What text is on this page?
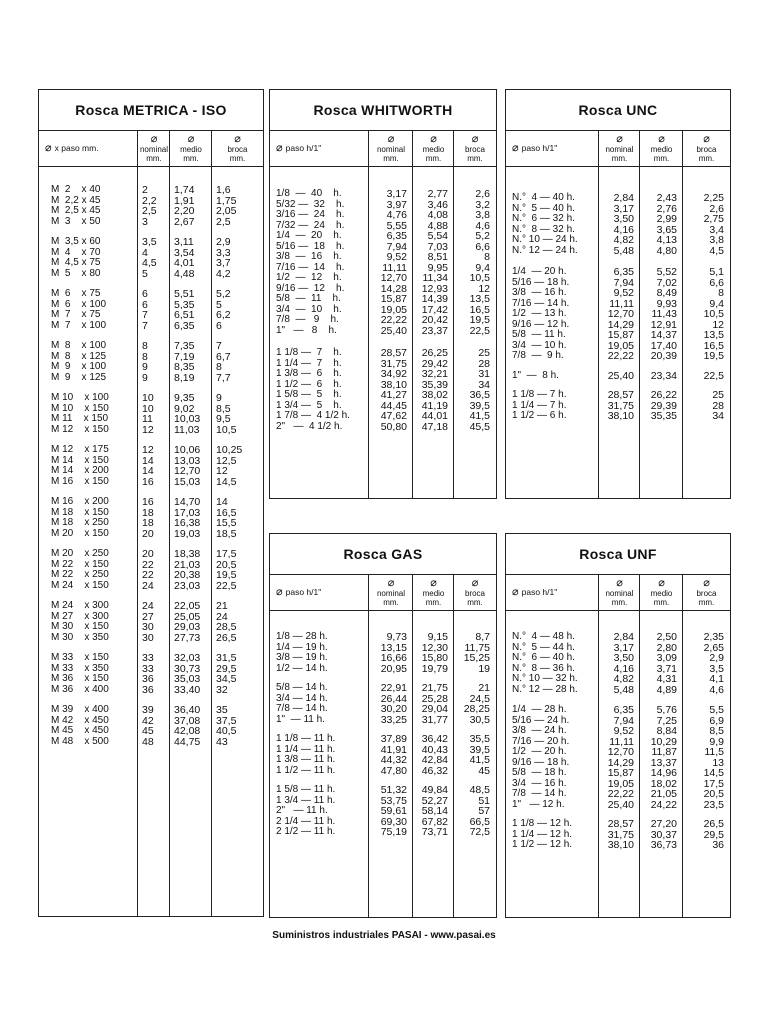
Rosca METRICA - ISO
⌀ x paso mm.
⌀
nominal
mm.
⌀
medio
mm.
⌀
broca
mm.
M  2    x 40	2 1,74 1,6
M  2,2 x 45	2,2 1,91 1,75
M  2,5 x 45	2,5 2,20 2,05
M  3    x 50	3 2,67 2,5
M  3,5 x 60	3,5 3,11 2,9
M  4    x 70	4 3,54 3,3
M  4,5 x 75	4,5 4,01 3,7
M  5    x 80	5 4,48 4,2
M  6    x 75	6 5,51 5,2
M  6    x 100	6 5,35 5
M  7    x 75	7 6,51 6,2
M  7    x 100	7 6,35 6
M  8    x 100	8 7,35 7
M  8    x 125	8 7,19 6,7
M  9    x 100	9 8,35 8
M  9    x 125	9 8,19 7,7
M 10    x 100	10 9,35 9
M 10    x 150	10 9,02 8,5
M 11    x 150	11 10,03 9,5
M 12    x 150	12 11,03 10,5
M 12    x 175	12 10,06 10,25
M 14    x 150	14 13,03 12,5
M 14    x 200	14 12,70 12
M 16    x 150	16 15,03 14,5
M 16    x 200	16 14,70 14
M 18    x 150	18 17,03 16,5
M 18    x 250	18 16,38 15,5
M 20    x 150	20 19,03 18,5
M 20    x 250	20 18,38 17,5
M 22    x 150	22 21,03 20,5
M 22    x 250	22 20,38 19,5
M 24    x 150	24 23,03 22,5
M 24    x 300	24 22,05 21
M 27    x 300	27 25,05 24
M 30    x 150	30 29,03 28,5
M 30    x 350	30 27,73 26,5
M 33    x 150	33 32,03 31,5
M 33    x 350	33 30,73 29,5
M 36    x 150	36 35,03 34,5
M 36    x 400	36 33,40 32
M 39    x 400	39 36,40 35
M 42    x 450	42 37,08 37,5
M 45    x 450	45 42,08 40,5
M 48    x 500	48 44,75 43
Rosca WHITWORTH
⌀ paso h/1"
⌀
nominal
mm.
⌀
medio
mm.
⌀
broca
mm.
1/8  —  40    h.	3,17	2,77	2,6
5/32 —  32    h.	3,97	3,46	3,2
3/16 —  24    h.	4,76	4,08	3,8
7/32 —  24    h.	5,55	4,88	4,6
1/4  —  20    h.	6,35	5,54	5,2
5/16 —  18    h.	7,94	7,03	6,6
3/8  —  16    h.	9,52	8,51	8
7/16 —  14    h.	11,11	9,95	9,4
1/2  —  12    h.	12,70	11,34	10,5
9/16 —  12    h.	14,28	12,93	12
5/8  —  11    h.	15,87	14,39	13,5
3/4  —  10    h.	19,05	17,42	16,5
7/8  —   9    h.	22,22	20,42	19,5
1"   —   8    h.	25,40	23,37	22,5
1 1/8 —  7    h.	28,57	26,25	25
1 1/4 —  7    h.	31,75	29,42	28
1 3/8 —  6    h.	34,92	32,21	31
1 1/2 —  6    h.	38,10	35,39	34
1 5/8 —  5    h.	41,27	38,02	36,5
1 3/4 —  5    h.	44,45	41,19	39,5
1 7/8 —  4 1/2 h.	47,62	44,01	41,5
2"   —  4 1/2 h.	50,80	47,18	45,5
Rosca UNC
⌀ paso h/1"
⌀
nominal
mm.
⌀
medio
mm.
⌀
broca
mm.
N.°  4 — 40 h.	2,84	2,43	2,25
N.°  5 — 40 h.	3,17	2,76	2,6
N.°  6 — 32 h.	3,50	2,99	2,75
N.°  8 — 32 h.	4,16	3,65	3,4
N.° 10 — 24 h.	4,82	4,13	3,8
N.° 12 — 24 h.	5,48	4,80	4,5
1/4  — 20 h.	6,35	5,52	5,1
5/16 — 18 h.	7,94	7,02	6,6
3/8  — 16 h.	9,52	8,49	8
7/16 — 14 h.	11,11	9,93	9,4
1/2  — 13 h.	12,70	11,43	10,5
9/16 — 12 h.	14,29	12,91	12
5/8  — 11 h.	15,87	14,37	13,5
3/4  — 10 h.	19,05	17,40	16,5
7/8  —  9 h.	22,22	20,39	19,5
1"  —  8 h.	25,40	23,34	22,5
1 1/8 — 7 h.	28,57	26,22	25
1 1/4 — 7 h.	31,75	29,39	28
1 1/2 — 6 h.	38,10	35,35	34
Rosca GAS
⌀ paso h/1"
⌀
nominal
mm.
⌀
medio
mm.
⌀
broca
mm.
1/8 — 28 h.	9,73	9,15	8,7
1/4 — 19 h.	13,15	12,30	11,75
3/8 — 19 h.	16,66	15,80	15,25
1/2 — 14 h.	20,95	19,79	19
5/8 — 14 h.	22,91	21,75	21
3/4 — 14 h.	26,44	25,28	24,5
7/8 — 14 h.	30,20	29,04	28,25
1"  — 11 h.	33,25	31,77	30,5
1 1/8 — 11 h.	37,89	36,42	35,5
1 1/4 — 11 h.	41,91	40,43	39,5
1 3/8 — 11 h.	44,32	42,84	41,5
1 1/2 — 11 h.	47,80	46,32	45
1 5/8 — 11 h.	51,32	49,84	48,5
1 3/4 — 11 h.	53,75	52,27	51
2"   — 11 h.	59,61	58,14	57
2 1/4 — 11 h.	69,30	67,82	66,5
2 1/2 — 11 h.	75,19	73,71	72,5
Rosca UNF
⌀ paso h/1"
⌀
nominal
mm.
⌀
medio
mm.
⌀
broca
mm.
N.°  4 — 48 h.	2,84	2,50	2,35
N.°  5 — 44 h.	3,17	2,80	2,65
N.°  6 — 40 h.	3,50	3,09	2,9
N.°  8 — 36 h.	4,16	3,71	3,5
N.° 10 — 32 h.	4,82	4,31	4,1
N.° 12 — 28 h.	5,48	4,89	4,6
1/4  — 28 h.	6,35	5,76	5,5
5/16 — 24 h.	7,94	7,25	6,9
3/8  — 24 h.	9,52	8,84	8,5
7/16 — 20 h.	11,11	10,29	9,9
1/2  — 20 h.	12,70	11,87	11,5
9/16 — 18 h.	14,29	13,37	13
5/8  — 18 h.	15,87	14,96	14,5
3/4  — 16 h.	19,05	18,02	17,5
7/8  — 14 h.	22,22	21,05	20,5
1"   — 12 h.	25,40	24,22	23,5
1 1/8 — 12 h.	28,57	27,20	26,5
1 1/4 — 12 h.	31,75	30,37	29,5
1 1/2 — 12 h.	38,10	36,73	36
Suministros industriales PASAI - www.pasai.es
